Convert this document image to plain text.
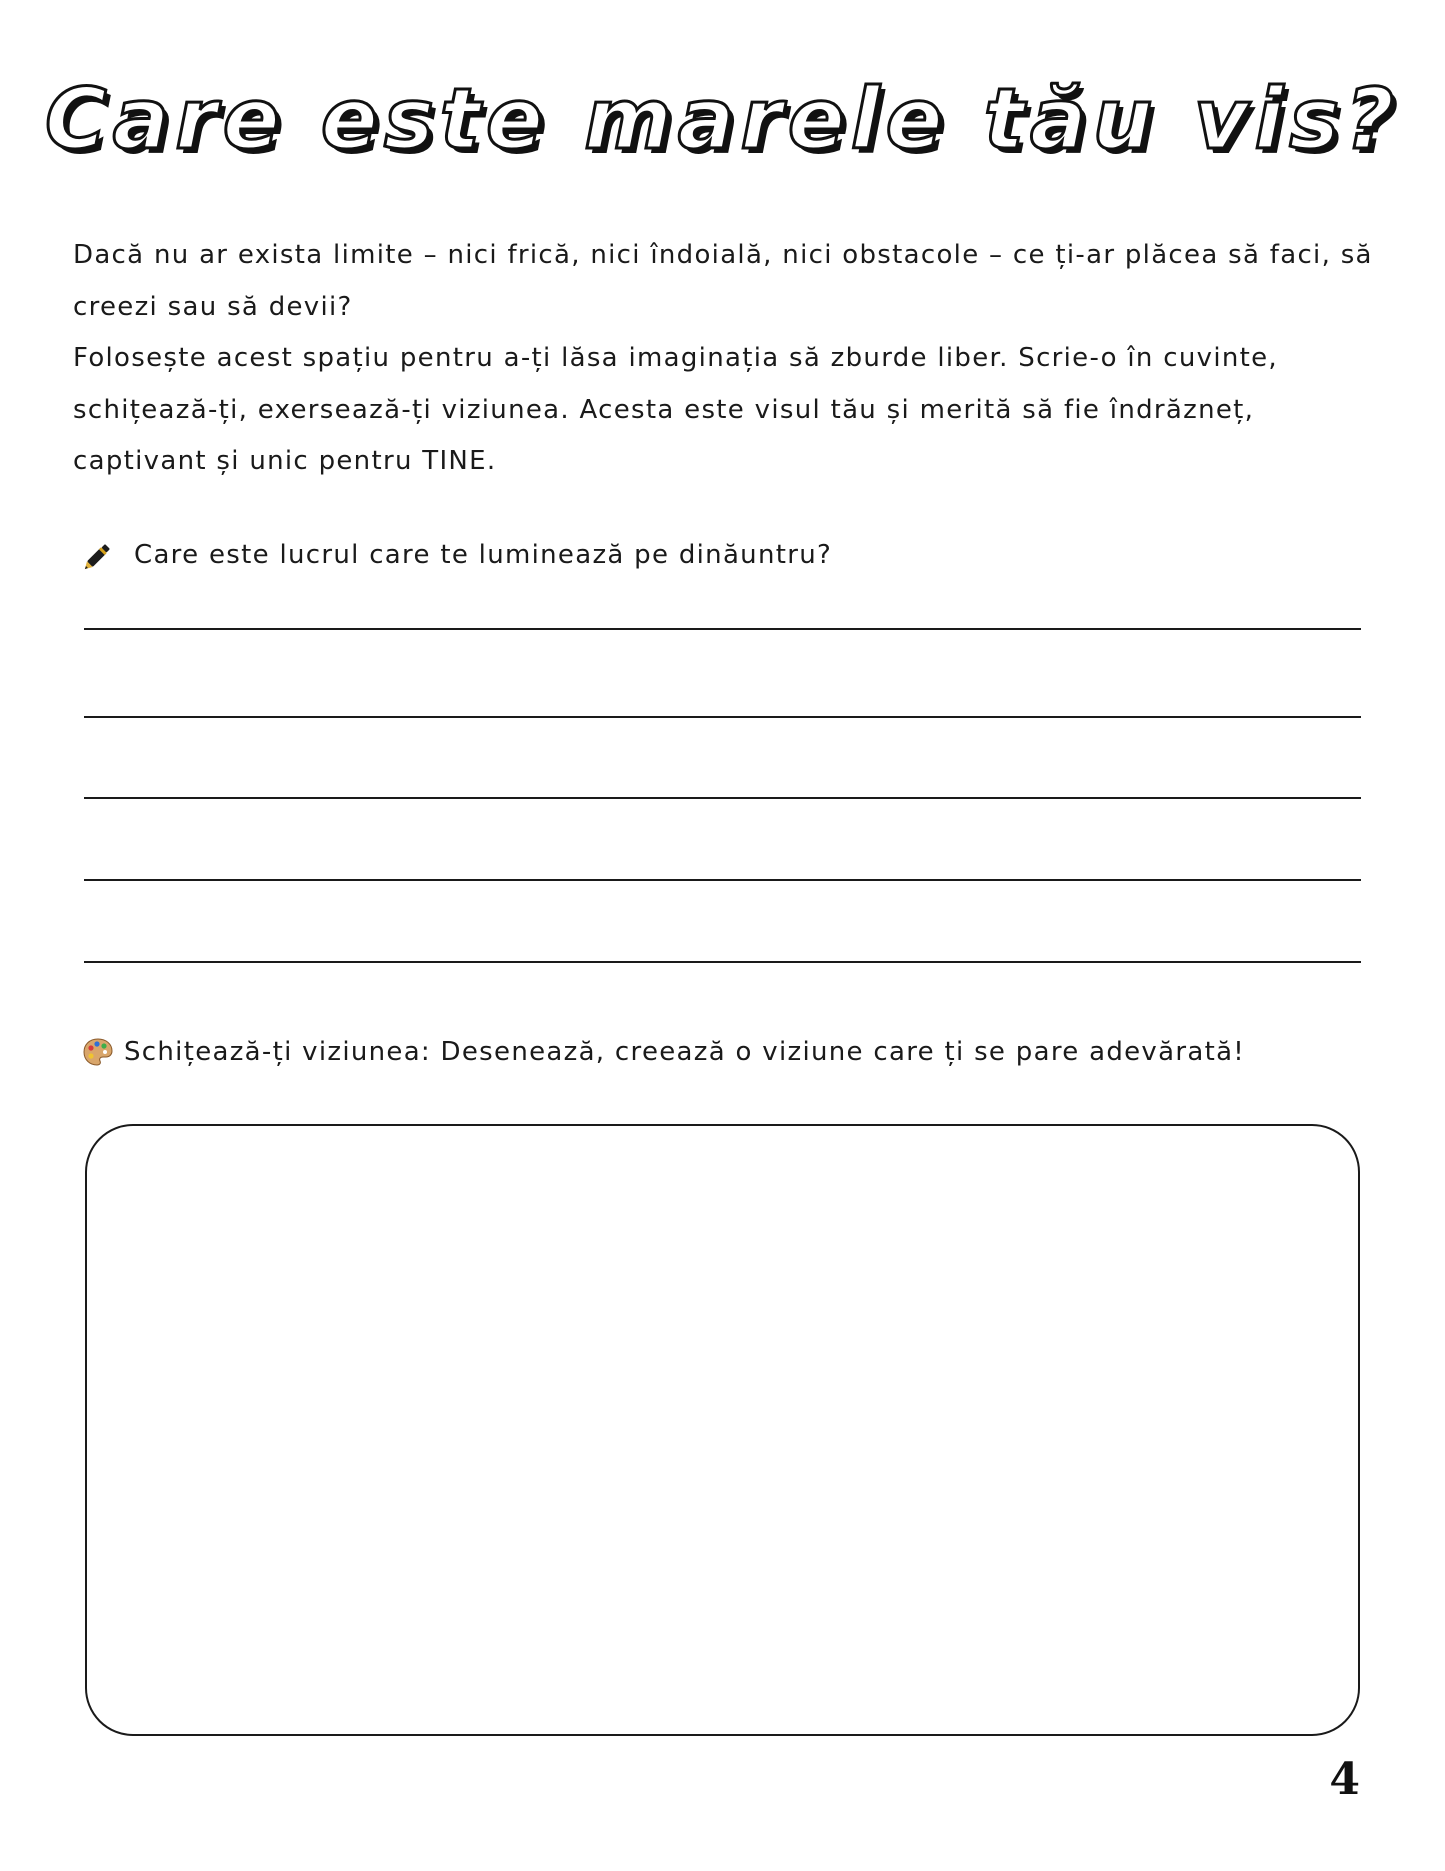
Care este marele tău vis?

Dacă nu ar exista limite – nici frică, nici îndoială, nici obstacole – ce ți-ar plăcea să faci, să creezi sau să devii?

Folosește acest spațiu pentru a-ți lăsa imaginația să zburde liber. Scrie-o în cuvinte, schițează-ți, exersează-ți viziunea. Acesta este visul tău și merită să fie îndrăzneț, captivant și unic pentru TINE.

Care este lucrul care te luminează pe dinăuntru?
Schițează-ți viziunea: Desenează, creează o viziune care ți se pare adevărată!
4
